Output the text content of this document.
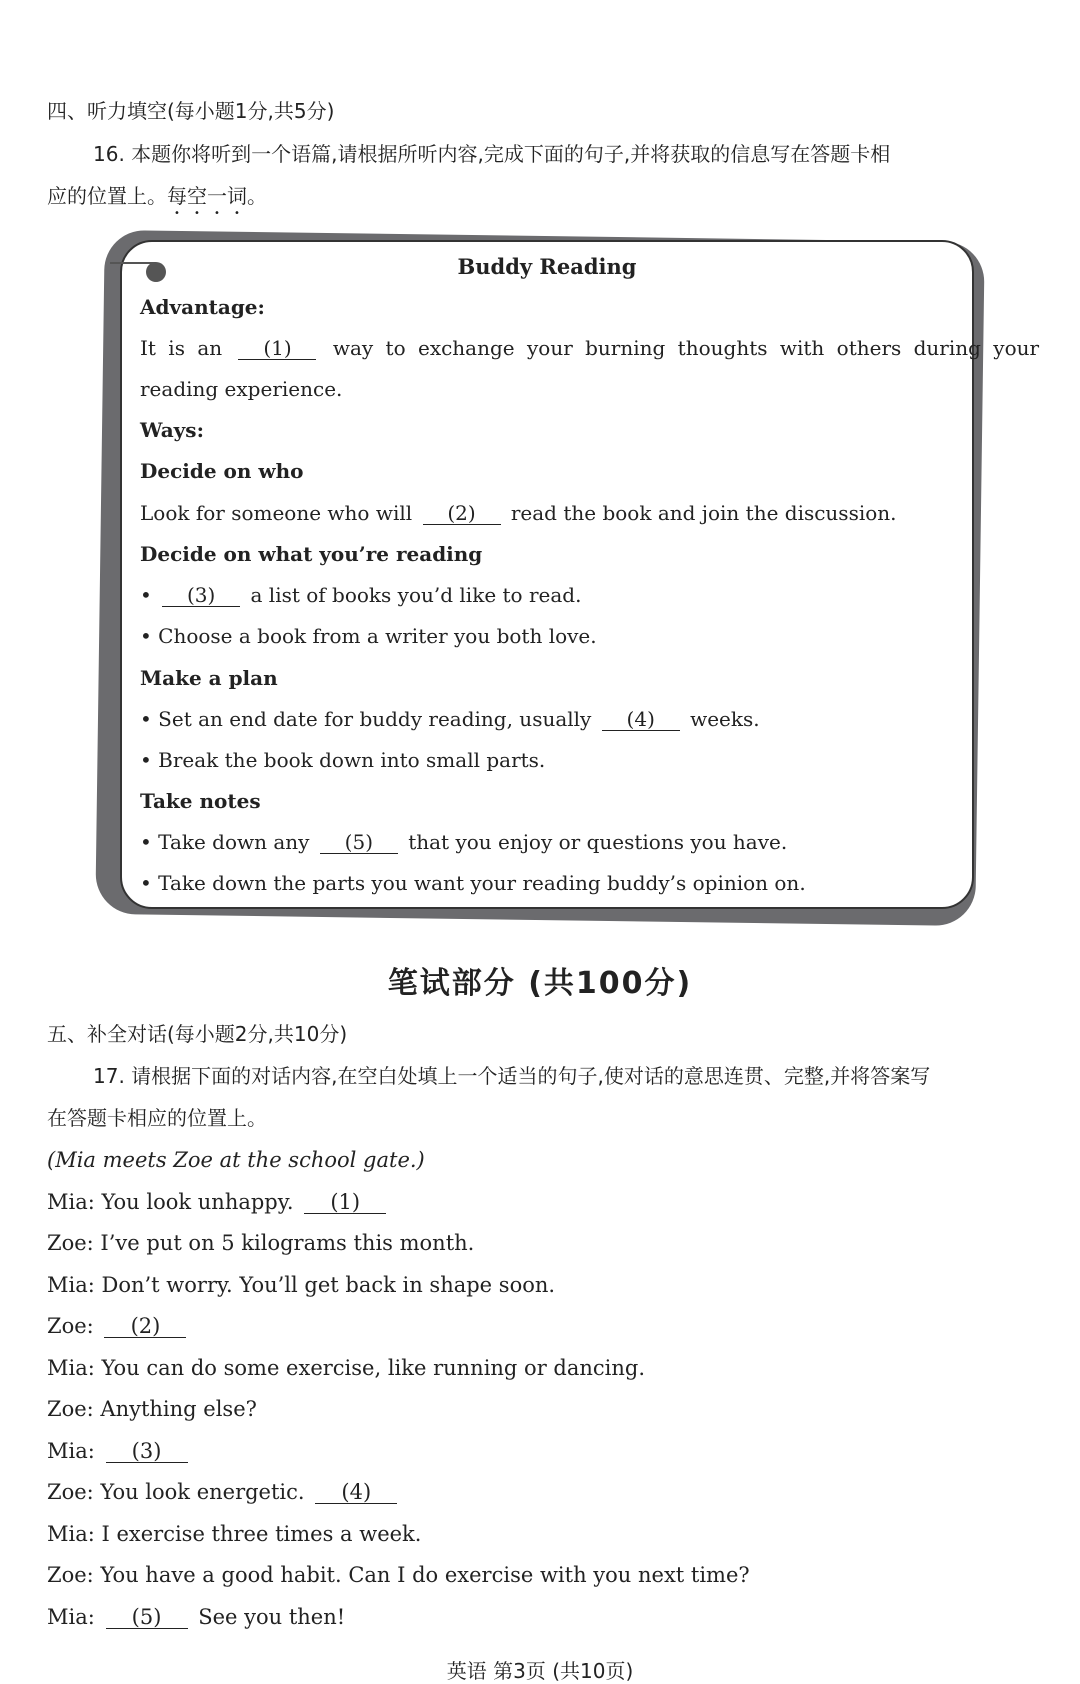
四、听力填空(每小题1分,共5分)
16. 本题你将听到一个语篇,请根据所听内容,完成下面的句子,并将获取的信息写在答题卡相
应的位置上。每空一词。
Buddy Reading
Advantage:
It is an (1) way to exchange your burning thoughts with others during your
reading experience.
Ways:
Decide on who
Look for someone who will (2) read the book and join the discussion.
Decide on what you’re reading
• (3) a list of books you’d like to read.
• Choose a book from a writer you both love.
Make a plan
• Set an end date for buddy reading, usually (4) weeks.
• Break the book down into small parts.
Take notes
• Take down any (5) that you enjoy or questions you have.
• Take down the parts you want your reading buddy’s opinion on.
笔试部分 (共100分)
五、补全对话(每小题2分,共10分)
17. 请根据下面的对话内容,在空白处填上一个适当的句子,使对话的意思连贯、完整,并将答案写
在答题卡相应的位置上。
(Mia meets Zoe at the school gate.)
Mia: You look unhappy. (1)
Zoe: I’ve put on 5 kilograms this month.
Mia: Don’t worry. You’ll get back in shape soon.
Zoe: (2)
Mia: You can do some exercise, like running or dancing.
Zoe: Anything else?
Mia: (3)
Zoe: You look energetic. (4)
Mia: I exercise three times a week.
Zoe: You have a good habit. Can I do exercise with you next time?
Mia: (5) See you then!
英语 第3页 (共10页)
